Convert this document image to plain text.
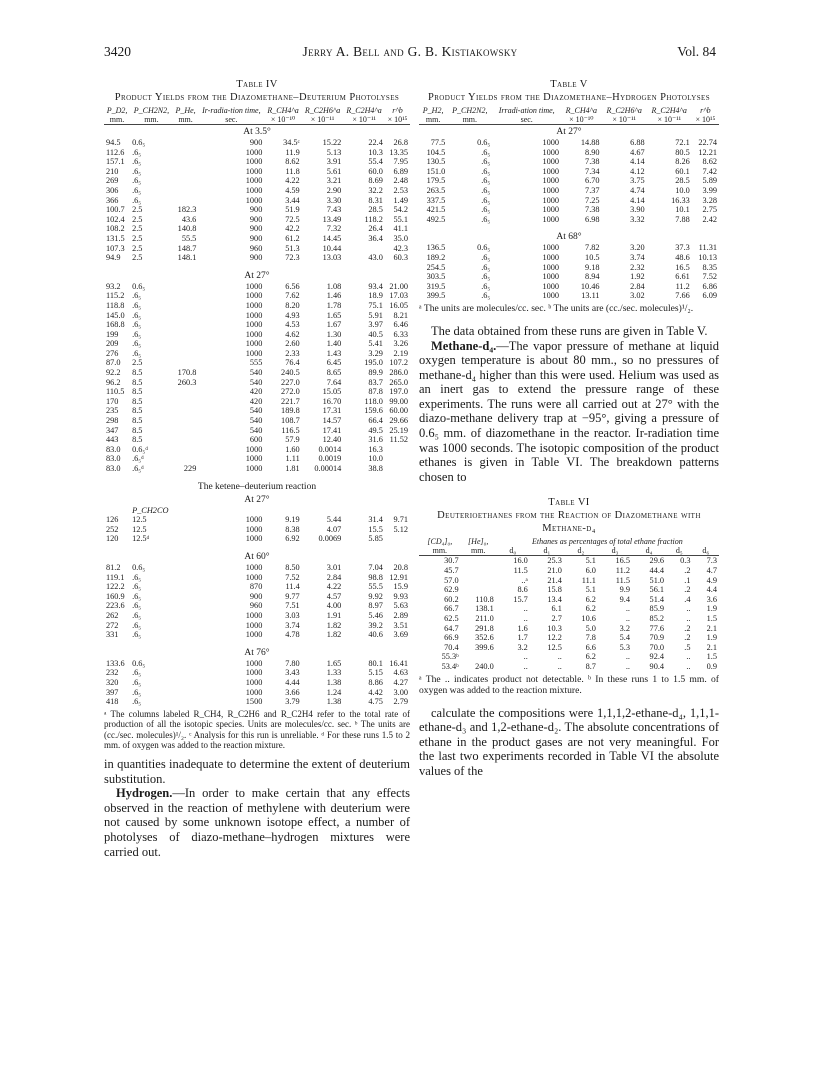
3420	Jerry A. Bell and G. B. Kistiakowsky	Vol. 84
Table IV
Product Yields from the Diazomethane–Deuterium Photolyses
P_D2,	P_CH2N2,	P_He,	Ir-radia-tion time,	R_CH4^a	R_C2H6^a	R_C2H4^a	r^b
mm.	mm.	mm.	sec.	× 10⁻¹⁰	× 10⁻¹¹	× 10⁻¹¹	× 10¹⁵
At 3.5°							
94.5	0.6₅		900	34.5ᶜ	15.22	22.4	26.8
112.6	.6₅		1000	11.9	5.13	10.3	13.35
157.1	.6₅		1000	8.62	3.91	55.4	7.95
210	.6₅		1000	11.8	5.61	60.0	6.89
269	.6₅		1000	4.22	3.21	8.69	2.48
306	.6₅		1000	4.59	2.90	32.2	2.53
366	.6₅		1000	3.44	3.30	8.31	1.49
100.7	2.5	182.3	900	51.9	7.43	28.5	54.2
102.4	2.5	43.6	900	72.5	13.49	118.2	55.1
108.2	2.5	140.8	900	42.2	7.32	26.4	41.1
131.5	2.5	55.5	900	61.2	14.45	36.4	35.0
107.3	2.5	148.7	960	51.3	10.44		42.3
94.9	2.5	148.1	900	72.3	13.03	43.0	60.3

At 27°							
93.2	0.6₅		1000	6.56	1.08	93.4	21.00
115.2	.6₅		1000	7.62	1.46	18.9	17.03
118.8	.6₅		1000	8.20	1.78	75.1	16.05
145.0	.6₅		1000	4.93	1.65	5.91	8.21
168.8	.6₅		1000	4.53	1.67	3.97	6.46
199	.6₅		1000	4.62	1.30	40.5	6.33
209	.6₅		1000	2.60	1.40	5.41	3.26
276	.6₅		1000	2.33	1.43	3.29	2.19
87.0	2.5		555	76.4	6.45	195.0	107.2
92.2	8.5	170.8	540	240.5	8.65	89.9	286.0
96.2	8.5	260.3	540	227.0	7.64	83.7	265.0
110.5	8.5		420	272.0	15.05	87.8	197.0
170	8.5		420	221.7	16.70	118.0	99.00
235	8.5		540	189.8	17.31	159.6	60.00
298	8.5		540	108.7	14.57	66.4	29.66
347	8.5		540	116.5	17.41	49.5	25.19
443	8.5		600	57.9	12.40	31.6	11.52
83.0	0.6₅ᵈ		1000	1.60	0.0014	16.3	
83.0	.6₅ᵈ		1000	1.11	0.0019	10.0	
83.0	.6₅ᵈ	229	1000	1.81	0.00014	38.8	

The ketene–deuterium reaction							
At 27°							
	P_CH2CO						
126	12.5		1000	9.19	5.44	31.4	9.71
252	12.5		1000	8.38	4.07	15.5	5.12
120	12.5ᵈ		1000	6.92	0.0069	5.85	

At 60°							
81.2	0.6₅		1000	8.50	3.01	7.04	20.8
119.1	.6₅		1000	7.52	2.84	98.8	12.91
122.2	.6₅		870	11.4	4.22	55.5	15.9
160.9	.6₅		900	9.77	4.57	9.92	9.93
223.6	.6₅		960	7.51	4.00	8.97	5.63
262	.6₅		1000	3.03	1.91	5.46	2.89
272	.6₅		1000	3.74	1.82	39.2	3.51
331	.6₅		1000	4.78	1.82	40.6	3.69

At 76°							
133.6	0.6₅		1000	7.80	1.65	80.1	16.41
232	.6₅		1000	3.43	1.33	5.15	4.63
320	.6₅		1000	4.44	1.38	8.86	4.27
397	.6₅		1000	3.66	1.24	4.42	3.00
418	.6₅		1500	3.79	1.38	4.75	2.79
ᵃ The columns labeled R_CH4, R_C2H6 and R_C2H4 refer to the total rate of production of all the isotopic species. Units are molecules/cc. sec. ᵇ The units are (cc./sec. molecules)¹/₂. ᶜ Analysis for this run is unreliable. ᵈ For these runs 1.5 to 2 mm. of oxygen was added to the reaction mixture.

in quantities inadequate to determine the extent of deuterium substitution.

Hydrogen.—In order to make certain that any effects observed in the reaction of methylene with deuterium were not caused by some unknown isotope effect, a number of photolyses of diazo-methane–hydrogen mixtures were carried out.

Table V
Product Yields from the Diazomethane–Hydrogen Photolyses
P_H2,	P_CH2N2,	Irradi-ation time,	R_CH4^a	R_C2H6^a	R_C2H4^a	r^b
mm.	mm.	sec.	× 10⁻¹⁰	× 10⁻¹¹	× 10⁻¹¹	× 10¹⁵
At 27°						
77.5	0.6₅	1000	14.88	6.88	72.1	22.74
104.5	.6₅	1000	8.90	4.67	80.5	12.21
130.5	.6₅	1000	7.38	4.14	8.26	8.62
151.0	.6₅	1000	7.34	4.12	60.1	7.42
179.5	.6₅	1000	6.70	3.75	28.5	5.89
263.5	.6₅	1000	7.37	4.74	10.0	3.99
337.5	.6₅	1000	7.25	4.14	16.33	3.28
421.5	.6₅	1000	7.38	3.90	10.1	2.75
492.5	.6₅	1000	6.98	3.32	7.88	2.42

At 68°						
136.5	0.6₅	1000	7.82	3.20	37.3	11.31
189.2	.6₅	1000	10.5	3.74	48.6	10.13
254.5	.6₅	1000	9.18	2.32	16.5	8.35
303.5	.6₅	1000	8.94	1.92	6.61	7.52
319.5	.6₅	1000	10.46	2.84	11.2	6.86
399.5	.6₅	1000	13.11	3.02	7.66	6.09
ᵃ The units are molecules/cc. sec. ᵇ The units are (cc./sec. molecules)¹/₂.

The data obtained from these runs are given in Table V.

Methane-d₄.—The vapor pressure of methane at liquid oxygen temperature is about 80 mm., so no pressures of methane-d₄ higher than this were used. Helium was used as an inert gas to extend the pressure range of these experiments. The runs were all carried out at 27° with the diazo-methane delivery trap at −95°, giving a pressure of 0.6₅ mm. of diazomethane in the reactor. Ir-radiation time was 1000 seconds. The isotopic composition of the product ethanes is given in Table VI. The breakdown patterns chosen to

Table VI
Deuterioethanes from the Reaction of Diazomethane with Methane-d₄
[CD₄]₀,	[He]₀,	Ethanes as percentages of total ethane fraction						
mm.	mm.	d₀	d₁	d₂	d₃	d₄	d₅	d₆
30.7		16.0	25.3	5.1	16.5	29.6	0.3	7.3
45.7		11.5	21.0	6.0	11.2	44.4	.2	4.7
57.0		..ᵃ	21.4	11.1	11.5	51.0	.1	4.9
62.9		8.6	15.8	5.1	9.9	56.1	.2	4.4
60.2	110.8	15.7	13.4	6.2	9.4	51.4	.4	3.6
66.7	138.1	..	6.1	6.2	..	85.9	..	1.9
62.5	211.0	..	2.7	10.6	..	85.2	..	1.5
64.7	291.8	1.6	10.3	5.0	3.2	77.6	.2	2.1
66.9	352.6	1.7	12.2	7.8	5.4	70.9	.2	1.9
70.4	399.6	3.2	12.5	6.6	5.3	70.0	.5	2.1
55.3ᵇ		..	..	6.2	..	92.4	..	1.5
53.4ᵇ	240.0	..	..	8.7	..	90.4	..	0.9
ᵃ The .. indicates product not detectable. ᵇ In these runs 1 to 1.5 mm. of oxygen was added to the reaction mixture.

calculate the compositions were 1,1,1,2-ethane-d₄, 1,1,1-ethane-d₃ and 1,2-ethane-d₂. The absolute concentrations of ethane in the product gases are not very meaningful. For the last two experiments recorded in Table VI the absolute values of the
